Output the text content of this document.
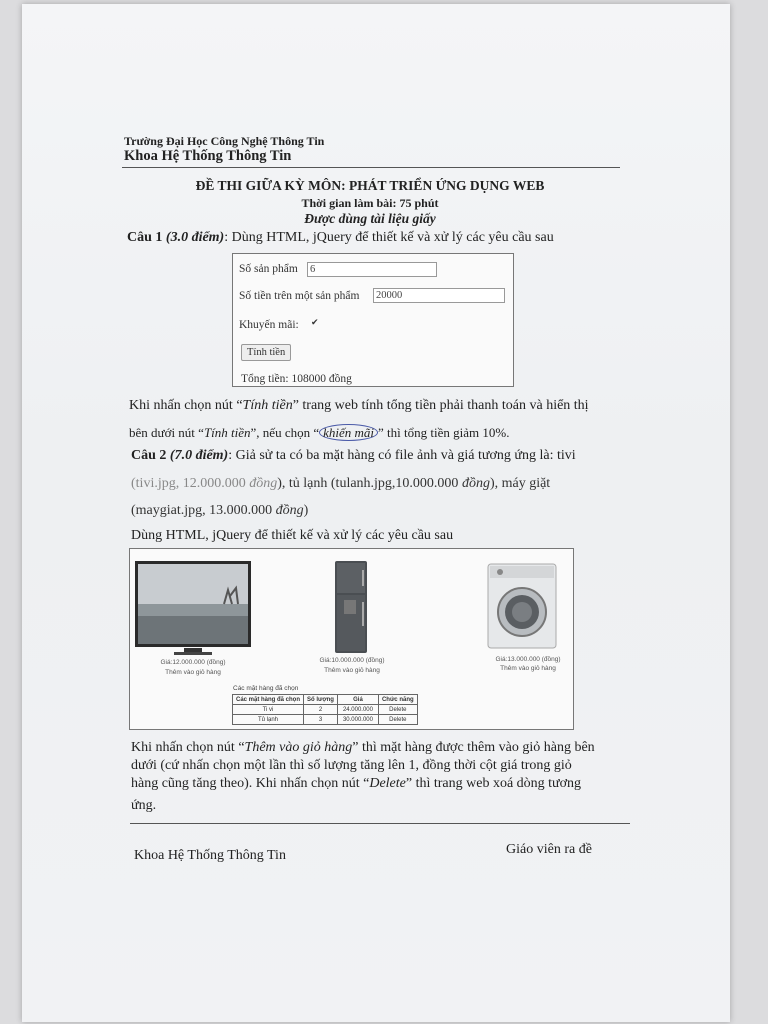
Trường Đại Học Công Nghệ Thông Tin
Khoa Hệ Thống Thông Tin
ĐỀ THI GIỮA KỲ MÔN: PHÁT TRIỂN ỨNG DỤNG WEB
Thời gian làm bài: 75 phút
Được dùng tài liệu giấy
Câu 1 (3.0 điểm): Dùng HTML, jQuery để thiết kế và xử lý các yêu cầu sau
Số sản phẩm 6
Số tiền trên một sản phẩm 20000
Khuyến mãi: ✔
Tính tiền
Tổng tiền: 108000 đồng
Khi nhấn chọn nút “Tính tiền” trang web tính tổng tiền phải thanh toán và hiển thị
bên dưới nút “Tính tiền”, nếu chọn “ khiến mãi ” thì tổng tiền giảm 10%.
Câu 2 (7.0 điểm): Giả sử ta có ba mặt hàng có file ảnh và giá tương ứng là: tivi
(tivi.jpg, 12.000.000 đồng), tủ lạnh (tulanh.jpg,10.000.000 đồng), máy giặt
(maygiat.jpg, 13.000.000 đồng)
Dùng HTML, jQuery để thiết kế và xử lý các yêu cầu sau
Giá:12.000.000 (đồng)
Thêm vào giỏ hàng
Giá:10.000.000 (đồng)
Thêm vào giỏ hàng
Giá:13.000.000 (đồng)
Thêm vào giỏ hàng
Các mặt hàng đã chọn
Các mặt hàng đã chọn	Số lượng	Giá	Chức năng
Ti vi	2	24.000.000	Delete
Tủ lạnh	3	30.000.000	Delete
Khi nhấn chọn nút “Thêm vào giỏ hàng” thì mặt hàng được thêm vào giỏ hàng bên
dưới (cứ nhấn chọn một lần thì số lượng tăng lên 1, đồng thời cột giá trong giỏ
hàng cũng tăng theo). Khi nhấn chọn nút “Delete” thì trang web xoá dòng tương
ứng.
Khoa Hệ Thống Thông Tin	Giáo viên ra đề
